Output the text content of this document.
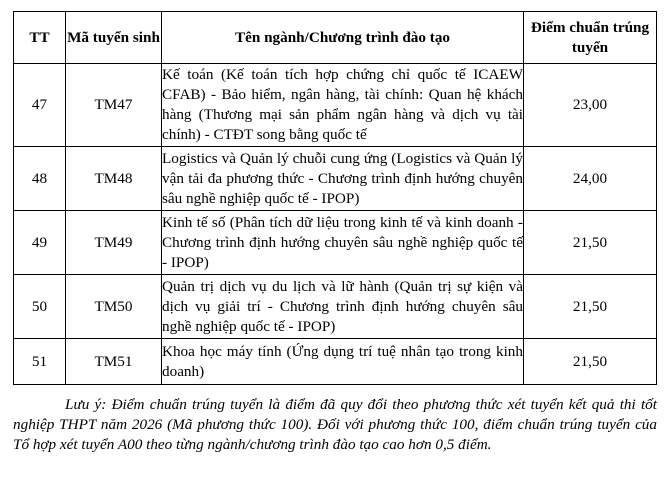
TT	Mã tuyển sinh	Tên ngành/Chương trình đào tạo	Điểm chuẩn trúng tuyển
47	TM47	Kế toán (Kế toán tích hợp chứng chỉ quốc tế ICAEW CFAB) - Bảo hiểm, ngân hàng, tài chính: Quan hệ khách hàng (Thương mại sản phẩm ngân hàng và dịch vụ tài chính) - CTĐT song bằng quốc tế	23,00
48	TM48	Logistics và Quản lý chuỗi cung ứng (Logistics và Quản lý vận tải đa phương thức - Chương trình định hướng chuyên sâu nghề nghiệp quốc tế - IPOP)	24,00
49	TM49	Kinh tế số (Phân tích dữ liệu trong kinh tế và kinh doanh - Chương trình định hướng chuyên sâu nghề nghiệp quốc tế - IPOP)	21,50
50	TM50	Quản trị dịch vụ du lịch và lữ hành (Quản trị sự kiện và dịch vụ giải trí - Chương trình định hướng chuyên sâu nghề nghiệp quốc tế - IPOP)	21,50
51	TM51	Khoa học máy tính (Ứng dụng trí tuệ nhân tạo trong kinh doanh)	21,50

Lưu ý: Điểm chuẩn trúng tuyển là điểm đã quy đổi theo phương thức xét tuyển kết quả thi tốt nghiệp THPT năm 2026 (Mã phương thức 100). Đối với phương thức 100, điểm chuẩn trúng tuyển của Tổ hợp xét tuyển A00 theo từng ngành/chương trình đào tạo cao hơn 0,5 điểm.
